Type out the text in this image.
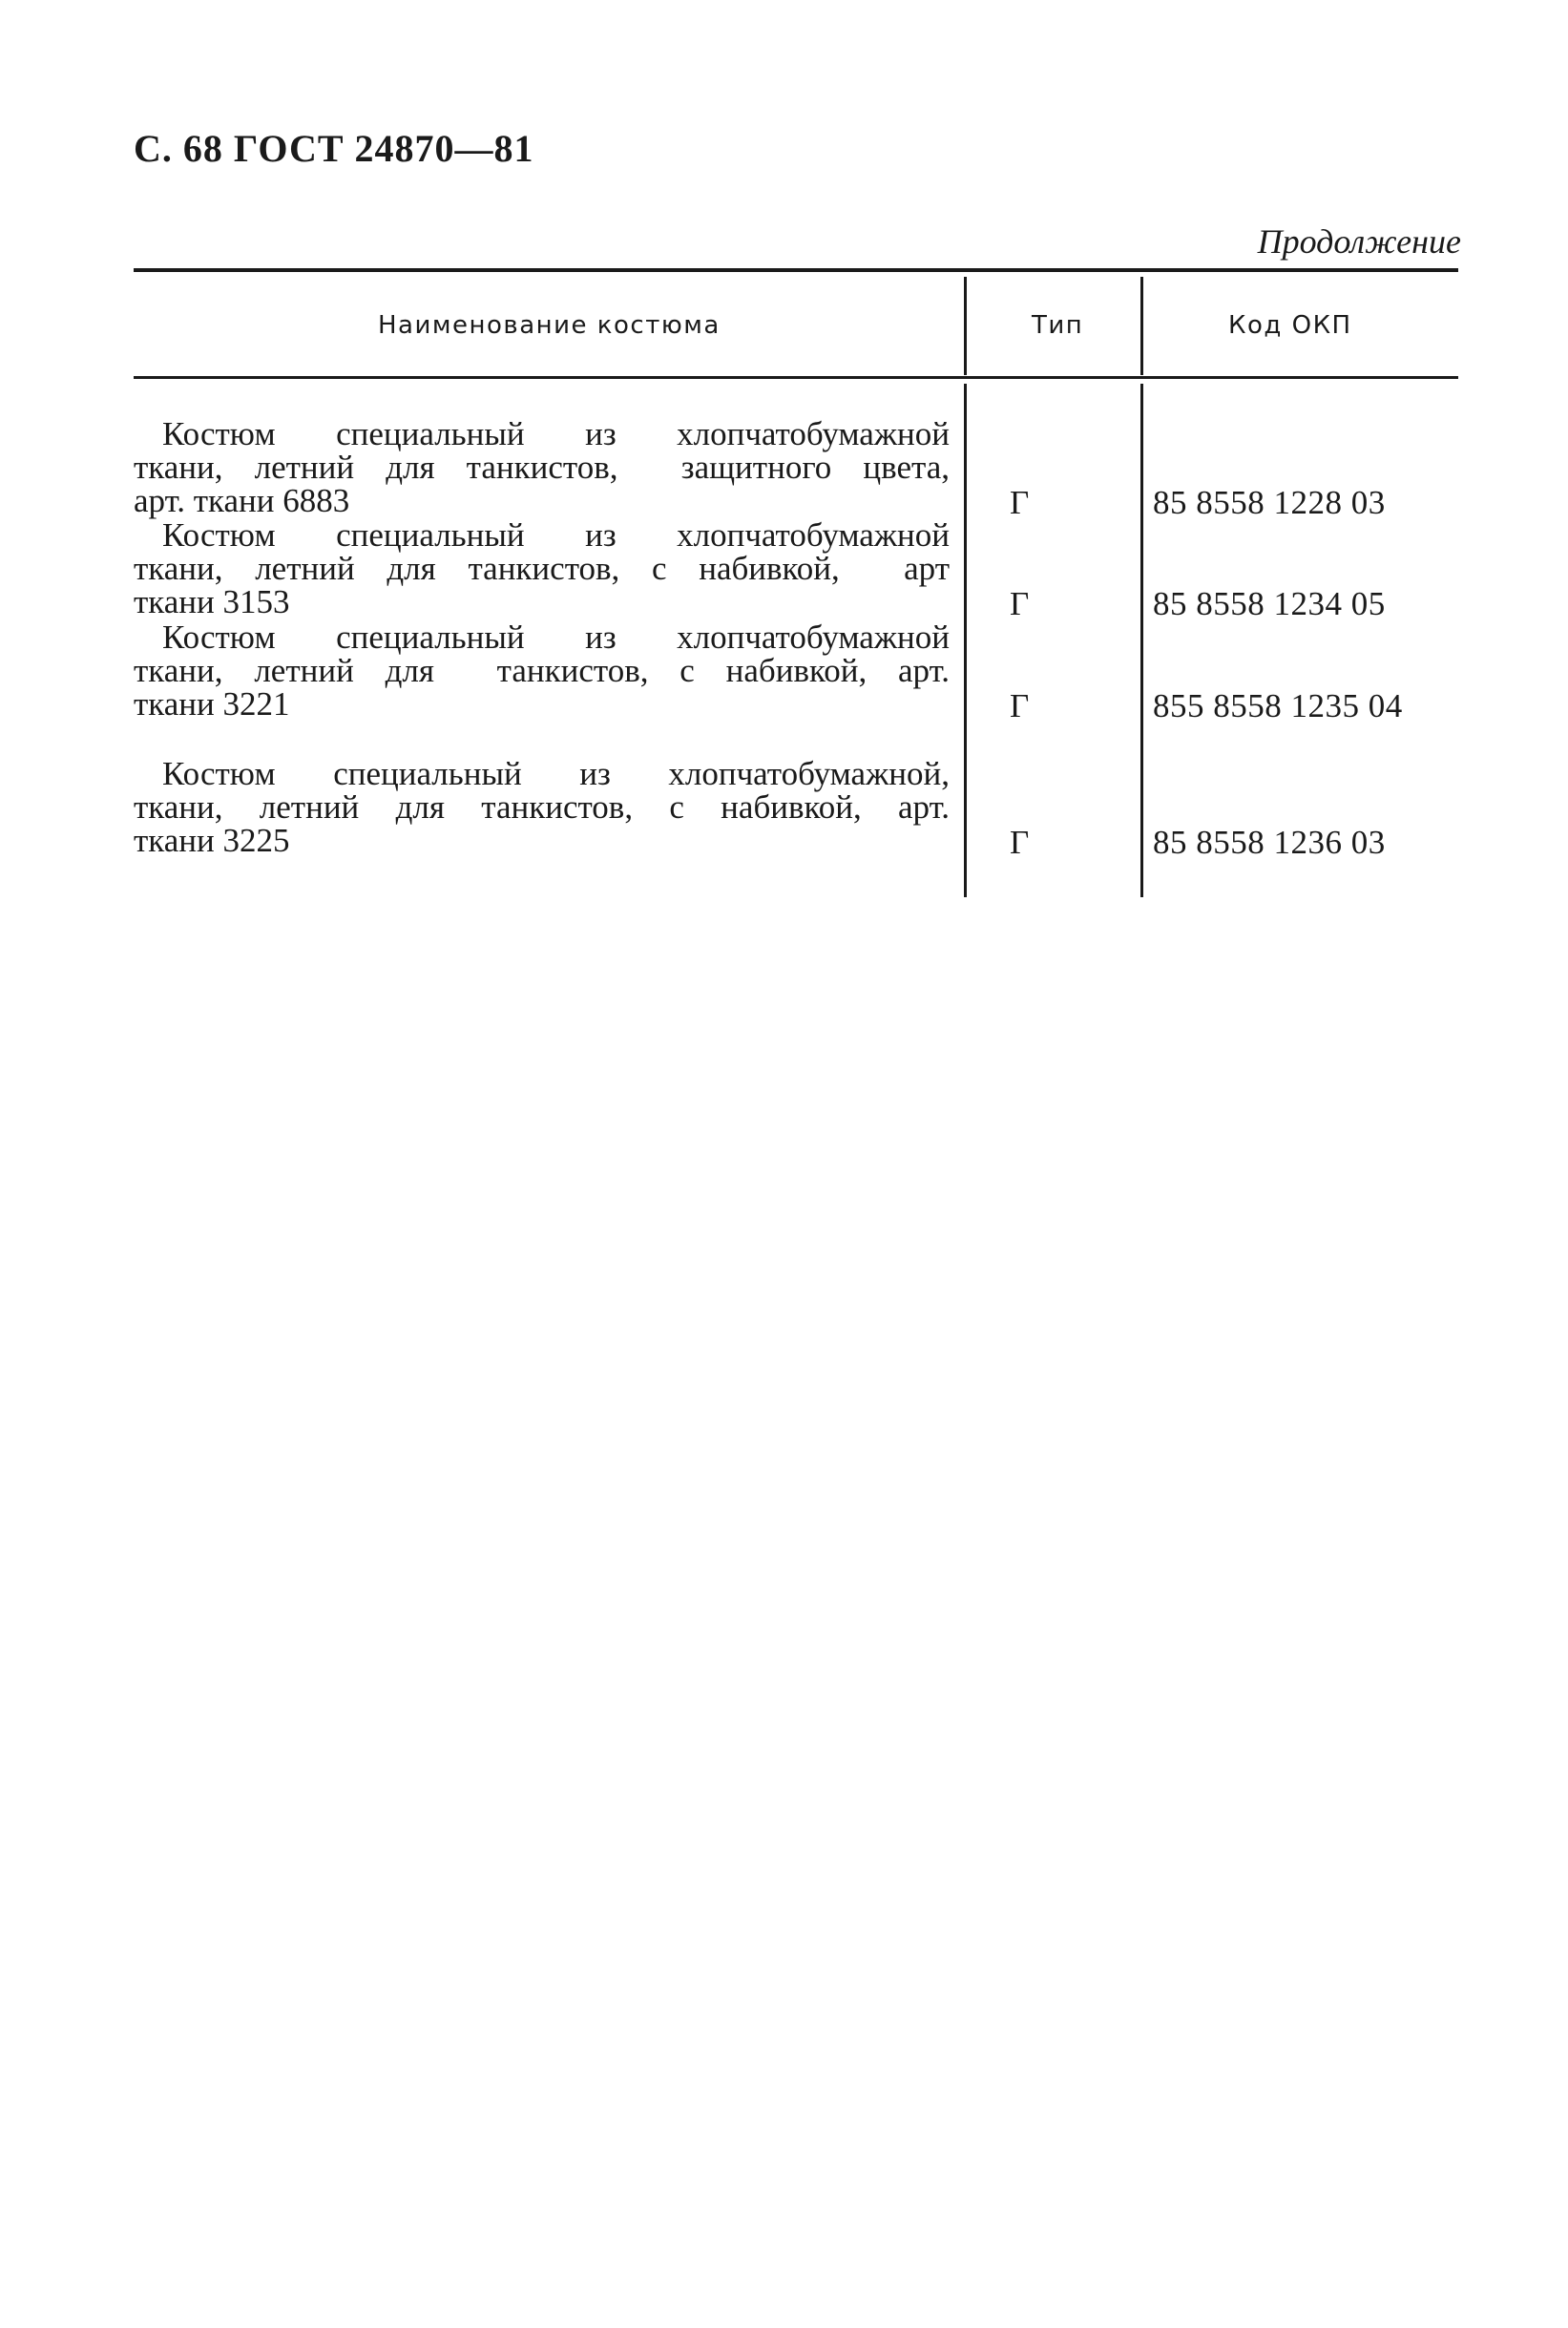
С. 68 ГОСТ 24870—81
Продолжение
Наименование костюма	Тип	Код ОКП
Костюм  специальный  из  хлопчатобумажной
ткани, летний для танкистов,  защитного цвета,
арт. ткани 6883	Г	85 8558 1228 03
Костюм  специальный  из  хлопчатобумажной
ткани, летний для танкистов, с набивкой,  арт
ткани 3153	Г	85 8558 1234 05
Костюм  специальный  из  хлопчатобумажной
ткани, летний для  танкистов, с набивкой, арт.
ткани 3221	Г	855 8558 1235 04
Костюм  специальный  из  хлопчатобумажной,
ткани, летний для танкистов, с набивкой, арт.
ткани 3225	Г	85 8558 1236 03
